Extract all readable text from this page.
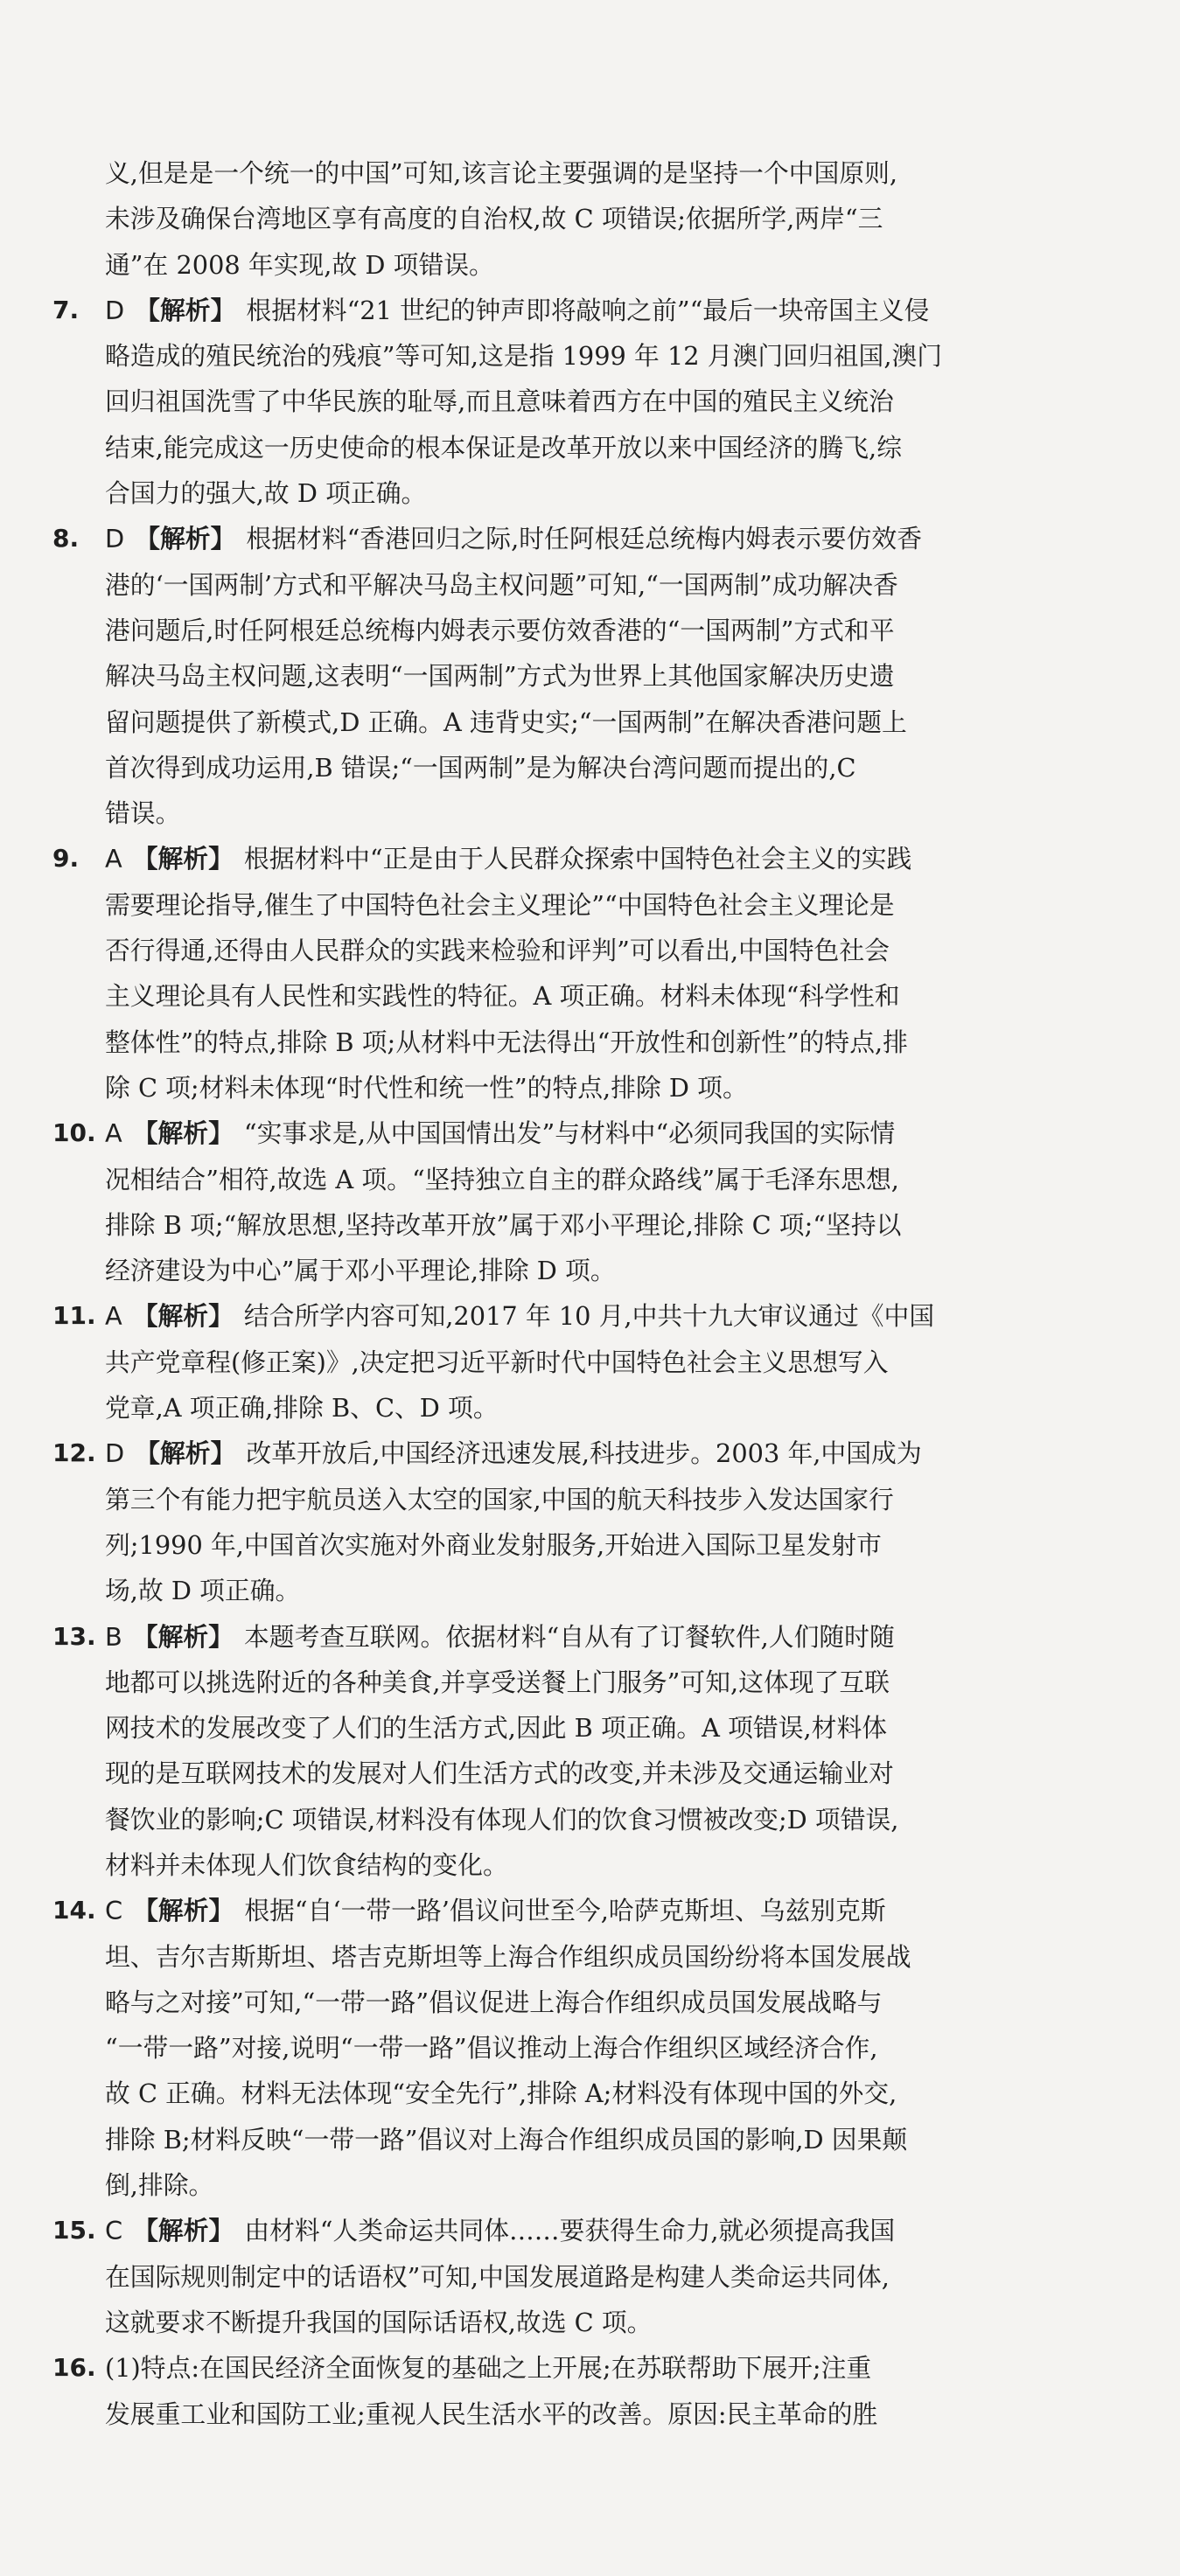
义,但是是一个统一的中国”可知,该言论主要强调的是坚持一个中国原则,
未涉及确保台湾地区享有高度的自治权,故 C 项错误;依据所学,两岸“三
通”在 2008 年实现,故 D 项错误。
7. D 【解析】 根据材料“21 世纪的钟声即将敲响之前”“最后一块帝国主义侵
略造成的殖民统治的残痕”等可知,这是指 1999 年 12 月澳门回归祖国,澳门
回归祖国洗雪了中华民族的耻辱,而且意味着西方在中国的殖民主义统治
结束,能完成这一历史使命的根本保证是改革开放以来中国经济的腾飞,综
合国力的强大,故 D 项正确。
8. D 【解析】 根据材料“香港回归之际,时任阿根廷总统梅内姆表示要仿效香
港的‘一国两制’方式和平解决马岛主权问题”可知,“一国两制”成功解决香
港问题后,时任阿根廷总统梅内姆表示要仿效香港的“一国两制”方式和平
解决马岛主权问题,这表明“一国两制”方式为世界上其他国家解决历史遗
留问题提供了新模式,D 正确。A 违背史实;“一国两制”在解决香港问题上
首次得到成功运用,B 错误;“一国两制”是为解决台湾问题而提出的,C
错误。
9. A 【解析】 根据材料中“正是由于人民群众探索中国特色社会主义的实践
需要理论指导,催生了中国特色社会主义理论”“中国特色社会主义理论是
否行得通,还得由人民群众的实践来检验和评判”可以看出,中国特色社会
主义理论具有人民性和实践性的特征。A 项正确。材料未体现“科学性和
整体性”的特点,排除 B 项;从材料中无法得出“开放性和创新性”的特点,排
除 C 项;材料未体现“时代性和统一性”的特点,排除 D 项。
10. A 【解析】 “实事求是,从中国国情出发”与材料中“必须同我国的实际情
况相结合”相符,故选 A 项。“坚持独立自主的群众路线”属于毛泽东思想,
排除 B 项;“解放思想,坚持改革开放”属于邓小平理论,排除 C 项;“坚持以
经济建设为中心”属于邓小平理论,排除 D 项。
11. A 【解析】 结合所学内容可知,2017 年 10 月,中共十九大审议通过《中国
共产党章程(修正案)》,决定把习近平新时代中国特色社会主义思想写入
党章,A 项正确,排除 B、C、D 项。
12. D 【解析】 改革开放后,中国经济迅速发展,科技进步。2003 年,中国成为
第三个有能力把宇航员送入太空的国家,中国的航天科技步入发达国家行
列;1990 年,中国首次实施对外商业发射服务,开始进入国际卫星发射市
场,故 D 项正确。
13. B 【解析】 本题考查互联网。依据材料“自从有了订餐软件,人们随时随
地都可以挑选附近的各种美食,并享受送餐上门服务”可知,这体现了互联
网技术的发展改变了人们的生活方式,因此 B 项正确。A 项错误,材料体
现的是互联网技术的发展对人们生活方式的改变,并未涉及交通运输业对
餐饮业的影响;C 项错误,材料没有体现人们的饮食习惯被改变;D 项错误,
材料并未体现人们饮食结构的变化。
14. C 【解析】 根据“自‘一带一路’倡议问世至今,哈萨克斯坦、乌兹别克斯
坦、吉尔吉斯斯坦、塔吉克斯坦等上海合作组织成员国纷纷将本国发展战
略与之对接”可知,“一带一路”倡议促进上海合作组织成员国发展战略与
“一带一路”对接,说明“一带一路”倡议推动上海合作组织区域经济合作,
故 C 正确。材料无法体现“安全先行”,排除 A;材料没有体现中国的外交,
排除 B;材料反映“一带一路”倡议对上海合作组织成员国的影响,D 因果颠
倒,排除。
15. C 【解析】 由材料“人类命运共同体……要获得生命力,就必须提高我国
在国际规则制定中的话语权”可知,中国发展道路是构建人类命运共同体,
这就要求不断提升我国的国际话语权,故选 C 项。
16. (1)特点:在国民经济全面恢复的基础之上开展;在苏联帮助下展开;注重
发展重工业和国防工业;重视人民生活水平的改善。原因:民主革命的胜
